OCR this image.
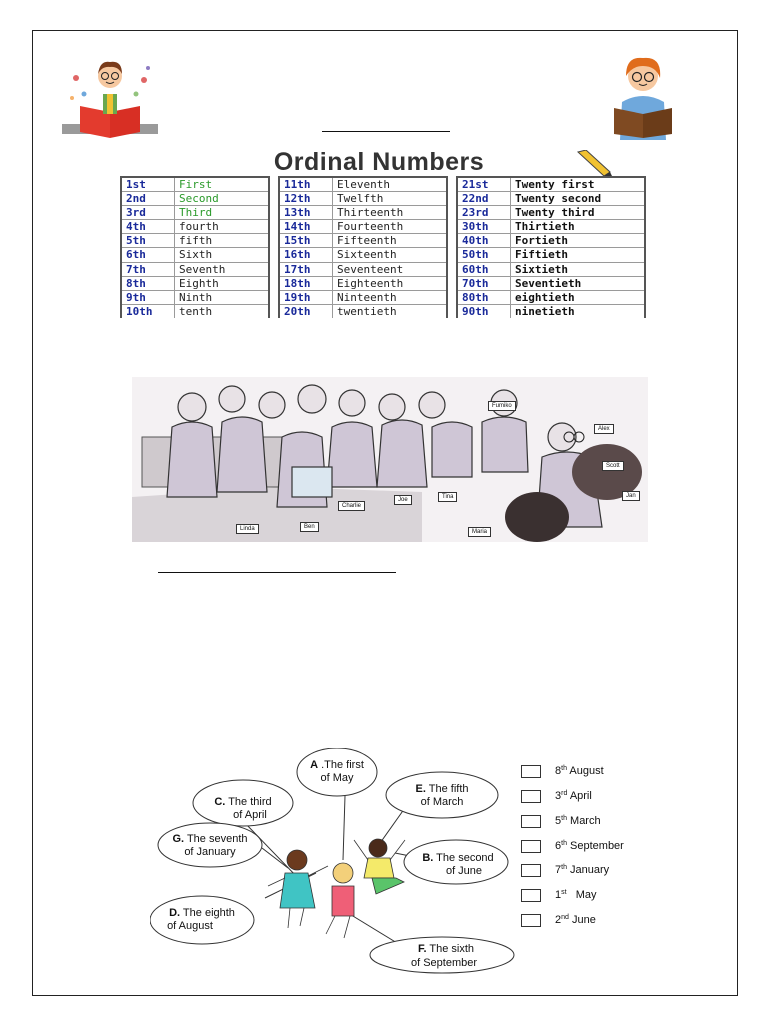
Ordinal Numbers
1st	First
2nd	Second
3rd	Third
4th	fourth
5th	fifth
6th	Sixth
7th	Seventh
8th	Eighth
9th	Ninth
10th	tenth
11th	Eleventh
12th	Twelfth
13th	Thirteenth
14th	Fourteenth
15th	Fifteenth
16th	Sixteenth
17th	Seventeent
18th	Eighteenth
19th	Ninteenth
20th	twentieth
21st	Twenty first
22nd	Twenty second
23rd	Twenty third
30th	Thirtieth
40th	Fortieth
50th	Fiftieth
60th	Sixtieth
70th	Seventieth
80th	eightieth
90th	ninetieth
Fumiko
Alex
Scott
Jan
Joe	Tina
Charlie
Linda	Ben
Maria
A .The first
of May
C. The third
of April
E. The fifth
of March
G. The seventh
of January	B. The second
of June
D. The eighth
of August
F. The sixth
of September
8th August
3rd April
5th March
6th September
7th January
1st May
2nd June
